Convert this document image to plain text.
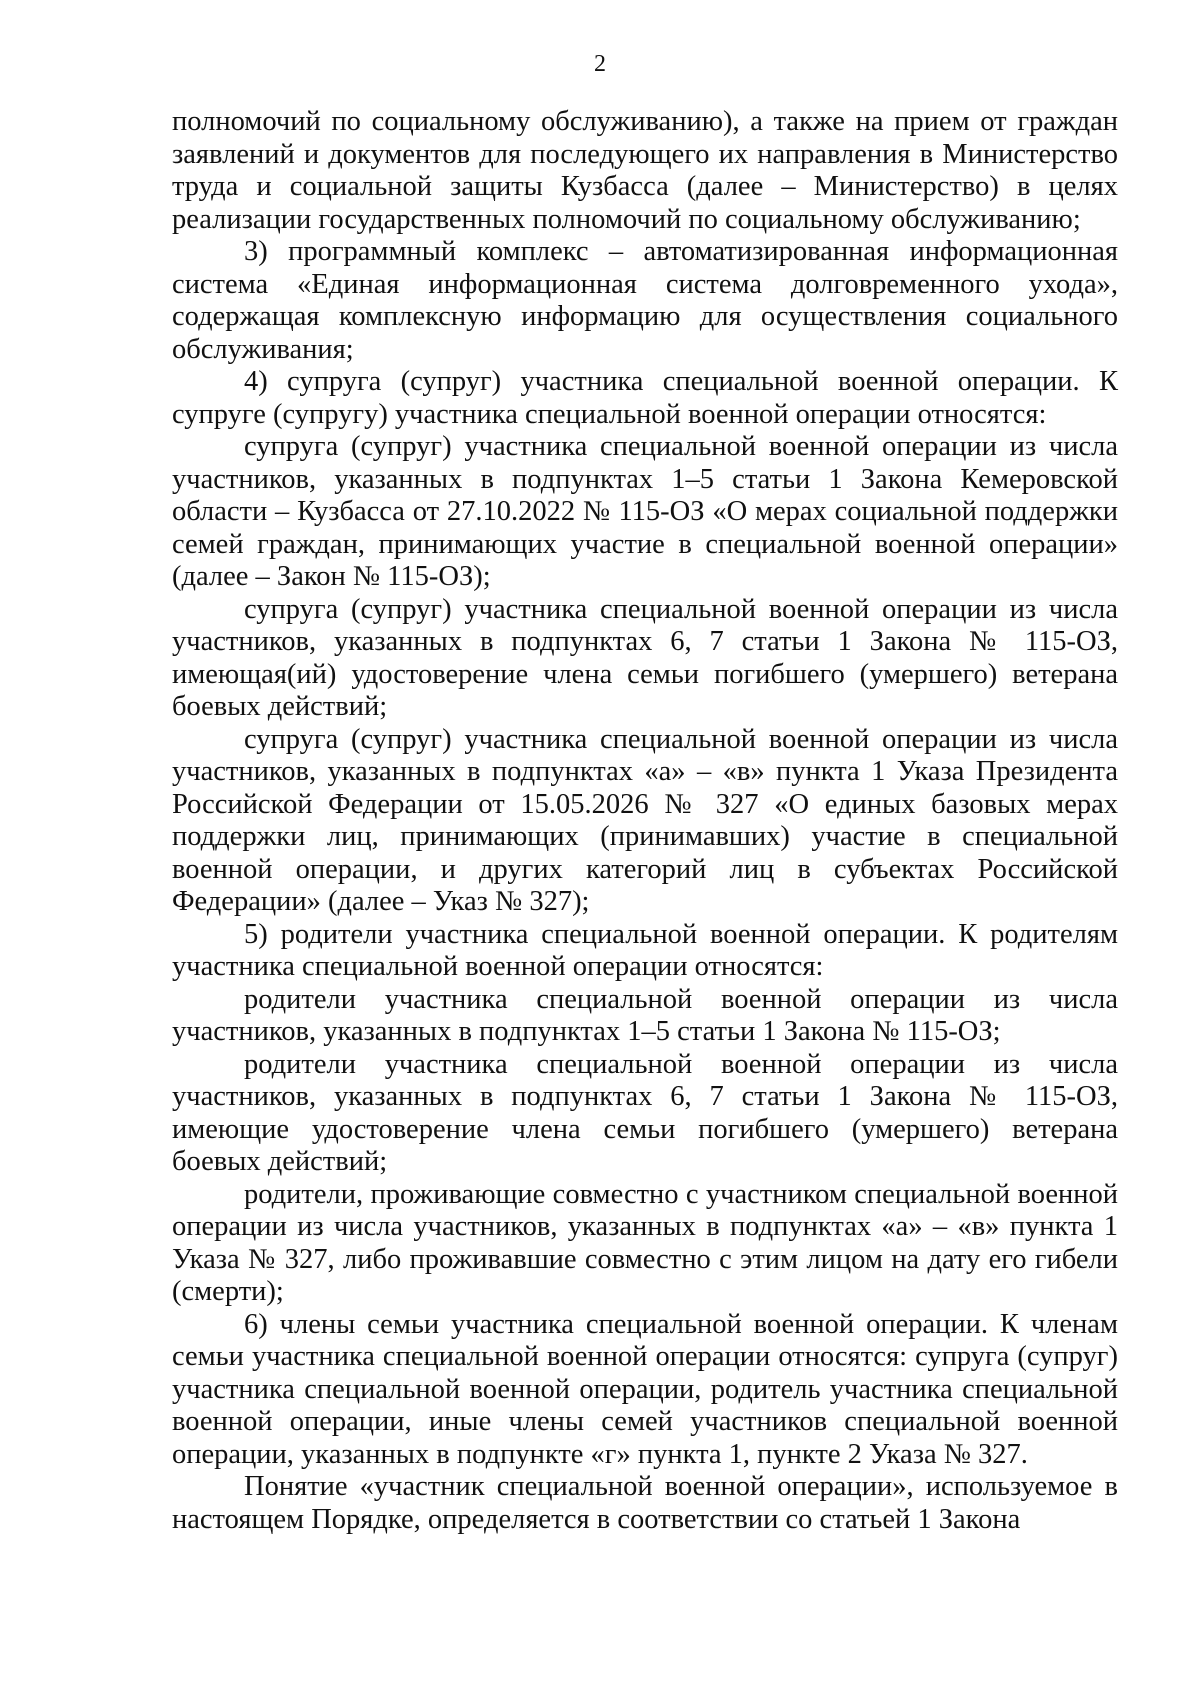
2

полномочий по социальному обслуживанию), а также на прием от граждан заявлений и документов для последующего их направления в Министерство труда и социальной защиты Кузбасса (далее – Министерство) в целях реализации государственных полномочий по социальному обслуживанию;

3) программный комплекс – автоматизированная информационная система «Единая информационная система долговременного ухода», содержащая комплексную информацию для осуществления социального обслуживания;

4) супруга (супруг) участника специальной военной операции. К супруге (супругу) участника специальной военной операции относятся:

супруга (супруг) участника специальной военной операции из числа участников, указанных в подпунктах 1–5 статьи 1 Закона Кемеровской области – Кузбасса от 27.10.2022 № 115-ОЗ «О мерах социальной поддержки семей граждан, принимающих участие в специальной военной операции» (далее – Закон № 115-ОЗ);

супруга (супруг) участника специальной военной операции из числа участников, указанных в подпунктах 6, 7 статьи 1 Закона № 115-ОЗ, имеющая(ий) удостоверение члена семьи погибшего (умершего) ветерана боевых действий;

супруга (супруг) участника специальной военной операции из числа участников, указанных в подпунктах «а» – «в» пункта 1 Указа Президента Российской Федерации от 15.05.2026 № 327 «О единых базовых мерах поддержки лиц, принимающих (принимавших) участие в специальной военной операции, и других категорий лиц в субъектах Российской Федерации» (далее – Указ № 327);

5) родители участника специальной военной операции. К родителям участника специальной военной операции относятся:

родители участника специальной военной операции из числа участников, указанных в подпунктах 1–5 статьи 1 Закона № 115-ОЗ;

родители участника специальной военной операции из числа участников, указанных в подпунктах 6, 7 статьи 1 Закона № 115-ОЗ, имеющие удостоверение члена семьи погибшего (умершего) ветерана боевых действий;

родители, проживающие совместно с участником специальной военной операции из числа участников, указанных в подпунктах «а» – «в» пункта 1 Указа № 327, либо проживавшие совместно с этим лицом на дату его гибели (смерти);

6) члены семьи участника специальной военной операции. К членам семьи участника специальной военной операции относятся: супруга (супруг) участника специальной военной операции, родитель участника специальной военной операции, иные члены семей участников специальной военной операции, указанных в подпункте «г» пункта 1, пункте 2 Указа № 327.

Понятие «участник специальной военной операции», используемое в настоящем Порядке, определяется в соответствии со статьей 1 Закона
